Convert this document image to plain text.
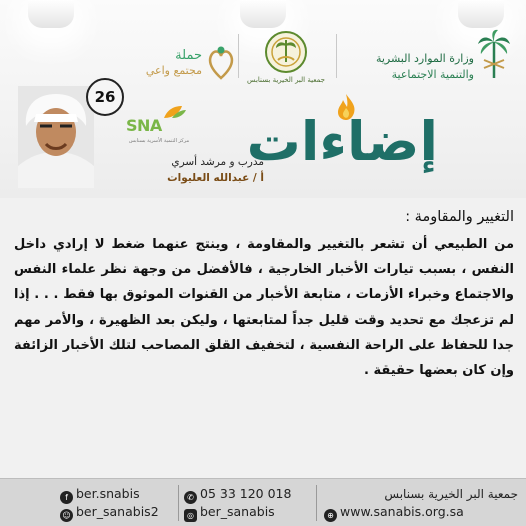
وزارة الموارد البشرية
والتنمية الاجتماعية
جمعية البر الخيرية بسنابس
حملة
مجتمع واعي
إضاءات
26
SNA
مركز التنمية الأسرية بسنابس
مدرب و مرشد أسري
أ / عبدالله العليوات
التغيير والمقاومة :
من الطبيعي أن تشعر بالتغيير والمقاومة ، وينتج عنهما ضغط لا إرادي داخل النفس ، بسبب تيارات الأخبار الخارجية ، فالأفضل من وجهة نظر علماء النفس والاجتماع وخبراء الأزمات ، متابعة الأخبار من القنوات الموثوق بها فقط . . . إذا لم تزعجك مع تحديد وقت قليل جداً لمتابعتها ، وليكن بعد الظهيرة ، والأمر مهم جدا للحفاظ على الراحة النفسية ، لتخفيف القلق المصاحب لتلك الأخبار الزائفة وإن كان بعضها حقيقة .
f ber.snabis
☺ ber_sanabis2
✆ 05 33 120 018
◎ ber_sanabis
جمعية البر الخيرية بسنابس
⊕ www.sanabis.org.sa
